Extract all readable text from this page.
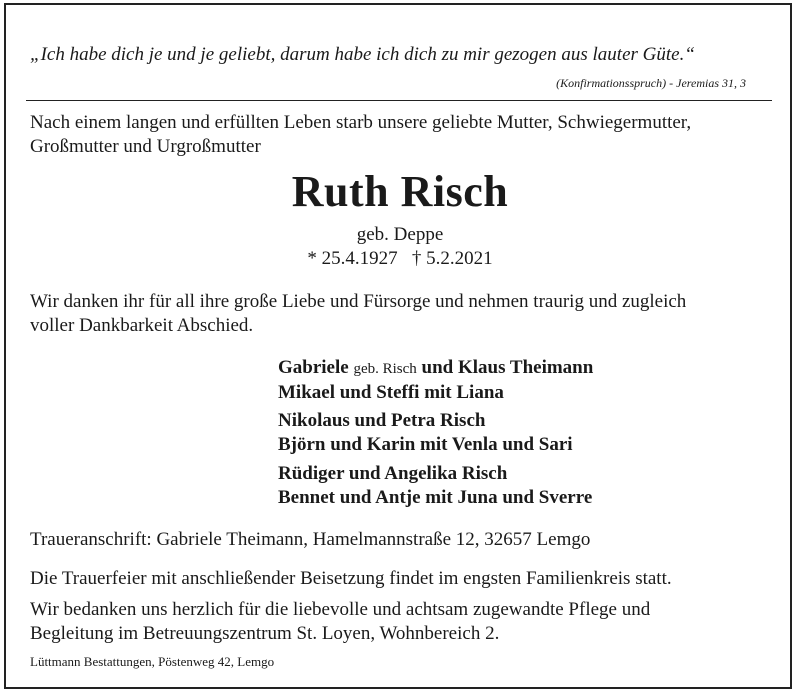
„Ich habe dich je und je geliebt, darum habe ich dich zu mir gezogen aus lauter Güte.“
(Konfirmationsspruch) - Jeremias 31, 3
Nach einem langen und erfüllten Leben starb unsere geliebte Mutter, Schwiegermutter,
Großmutter und Urgroßmutter
Ruth Risch
geb. Deppe
* 25.4.1927 † 5.2.2021
Wir danken ihr für all ihre große Liebe und Fürsorge und nehmen traurig und zugleich
voller Dankbarkeit Abschied.
Gabriele geb. Risch und Klaus Theimann
Mikael und Steffi mit Liana
Nikolaus und Petra Risch
Björn und Karin mit Venla und Sari
Rüdiger und Angelika Risch
Bennet und Antje mit Juna und Sverre
Traueranschrift: Gabriele Theimann, Hamelmannstraße 12, 32657 Lemgo
Die Trauerfeier mit anschließender Beisetzung findet im engsten Familienkreis statt.
Wir bedanken uns herzlich für die liebevolle und achtsam zugewandte Pflege und
Begleitung im Betreuungszentrum St. Loyen, Wohnbereich 2.
Lüttmann Bestattungen, Pöstenweg 42, Lemgo
